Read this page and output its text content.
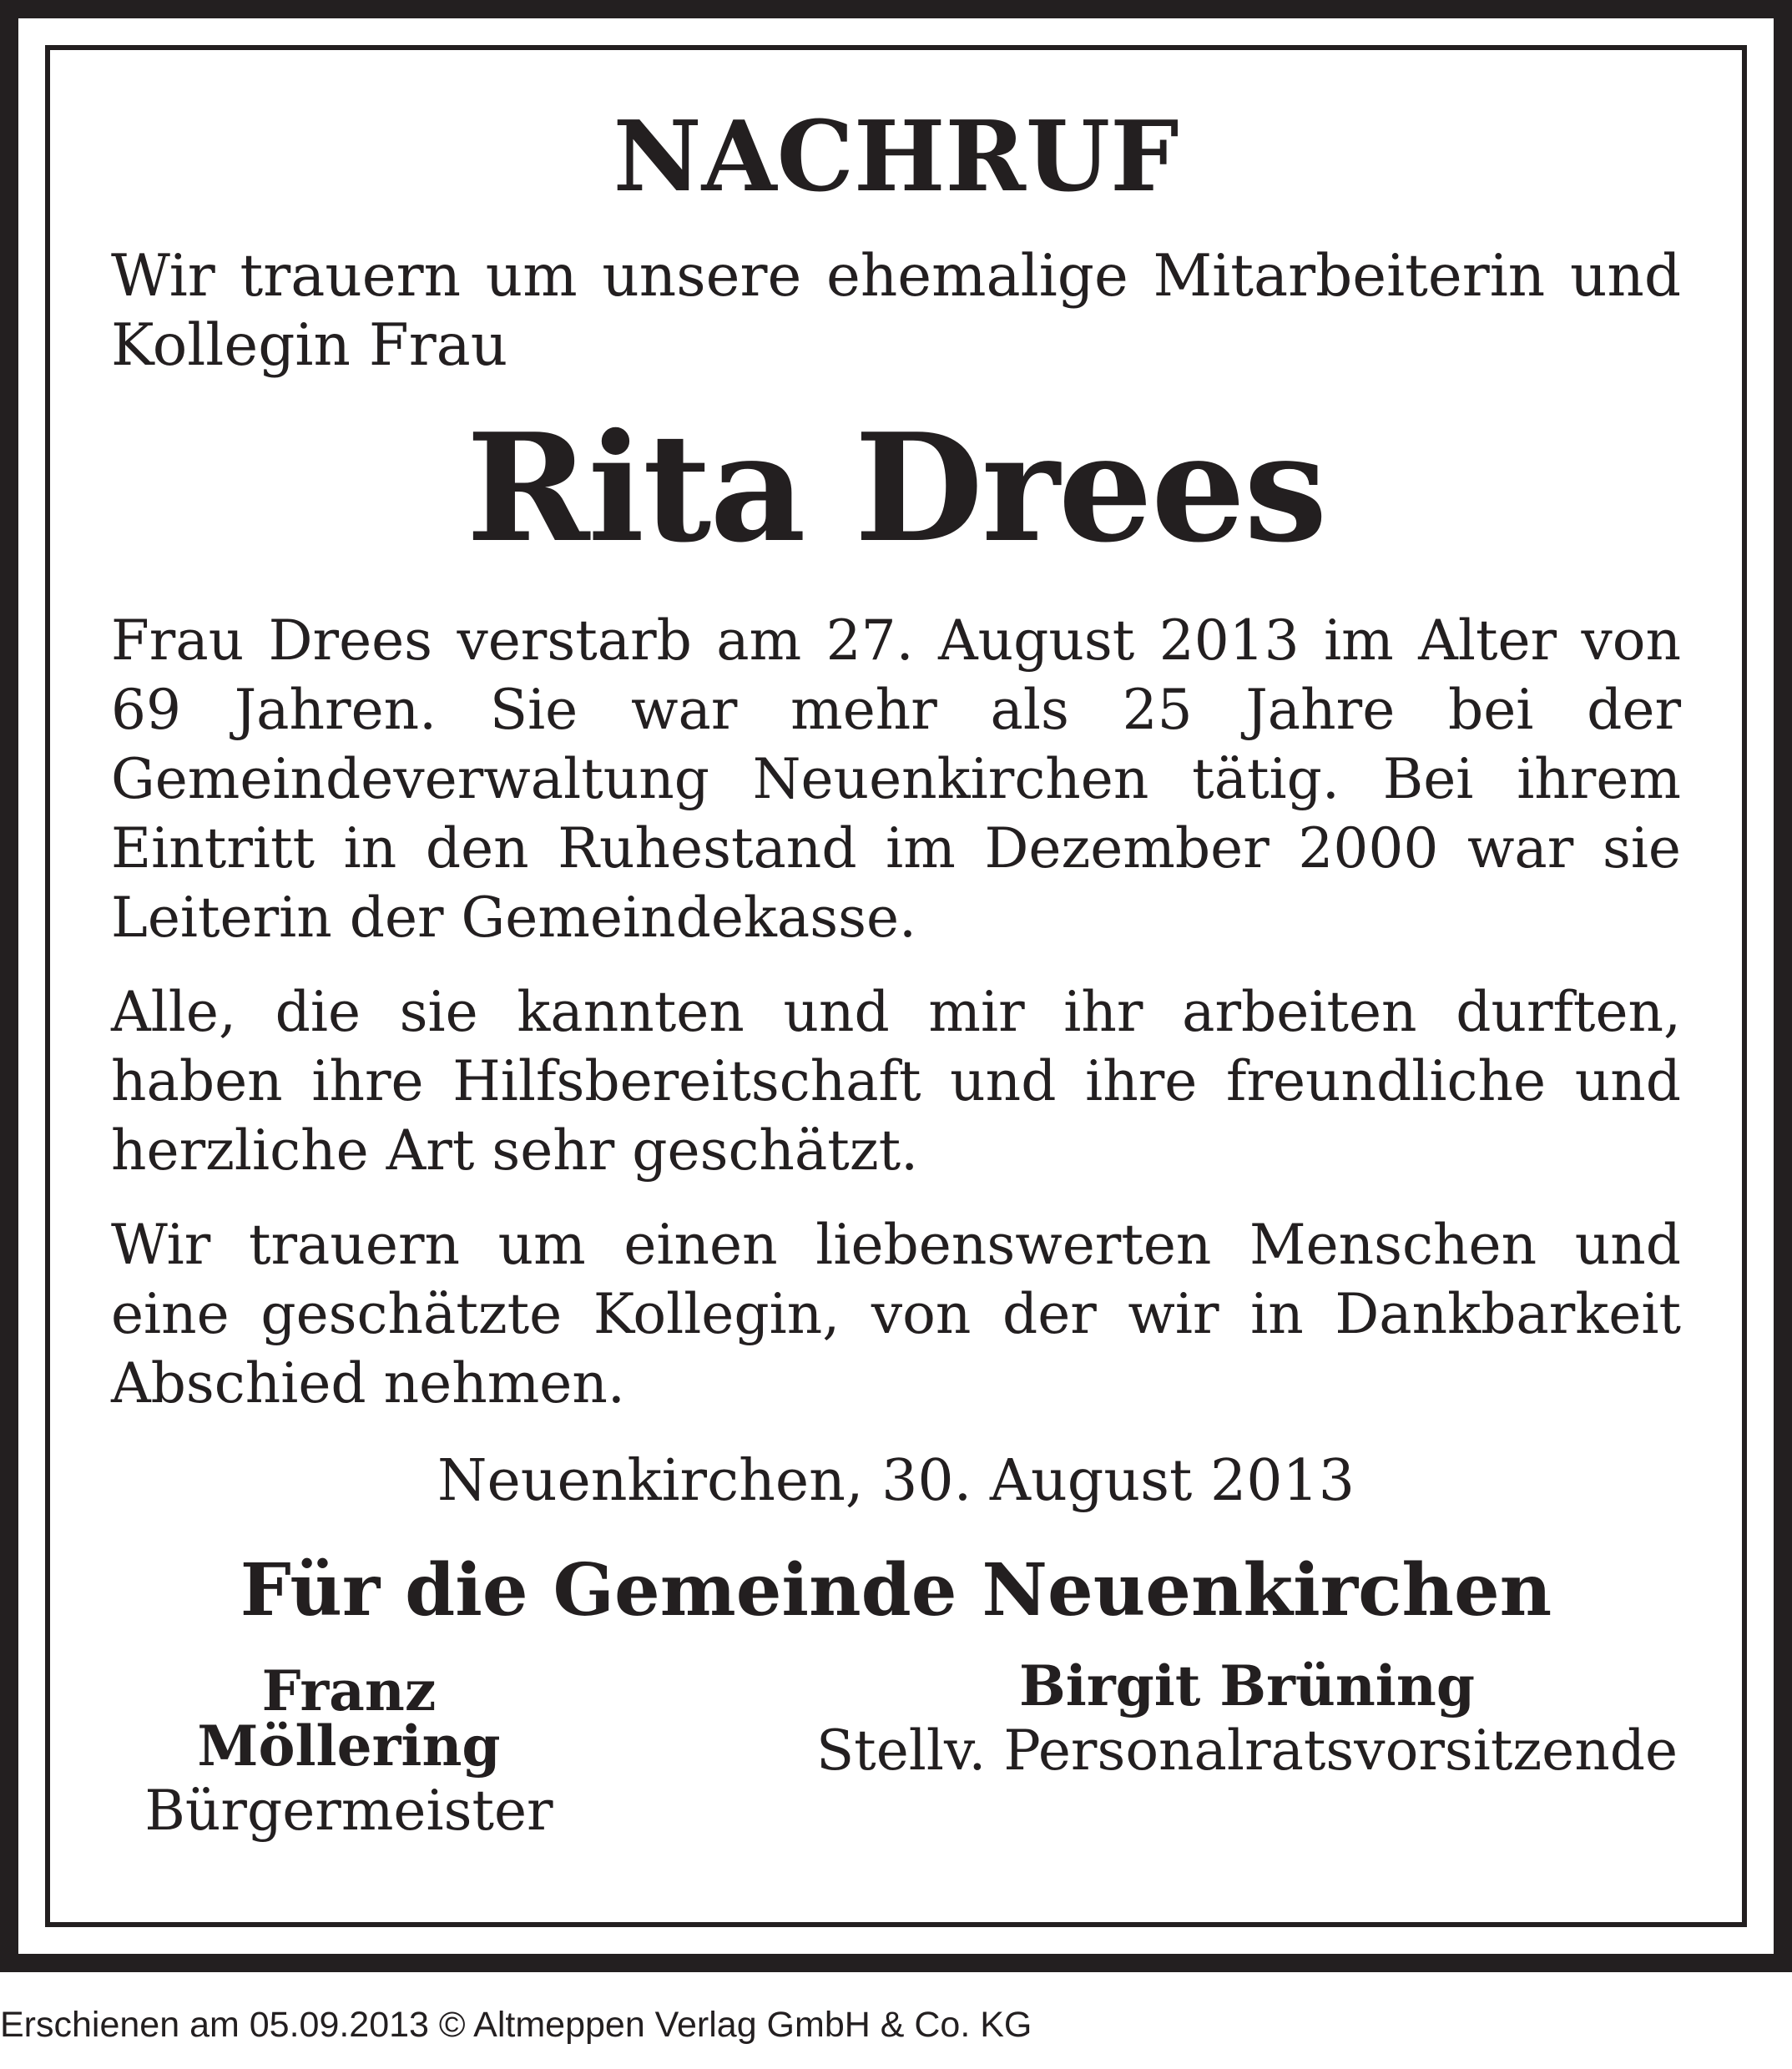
NACHRUF

Wir trauern um unsere ehemalige Mitarbeiterin und Kollegin Frau

Rita Drees

Frau Drees verstarb am 27. August 2013 im Alter von 69 Jahren. Sie war mehr als 25 Jahre bei der Gemeindeverwaltung Neuenkirchen tätig. Bei ihrem Eintritt in den Ruhestand im Dezember 2000 war sie Leiterin der Gemeindekasse.

Alle, die sie kannten und mir ihr arbeiten durften, haben ihre Hilfsbereitschaft und ihre freundliche und herzliche Art sehr geschätzt.

Wir trauern um einen liebenswerten Menschen und eine geschätzte Kollegin, von der wir in Dankbarkeit Abschied nehmen.

Neuenkirchen, 30. August 2013
Für die Gemeinde Neuenkirchen
Franz Möllering
Bürgermeister
Birgit Brüning
Stellv. Personalratsvorsitzende
Erschienen am 05.09.2013 © Altmeppen Verlag GmbH & Co. KG
